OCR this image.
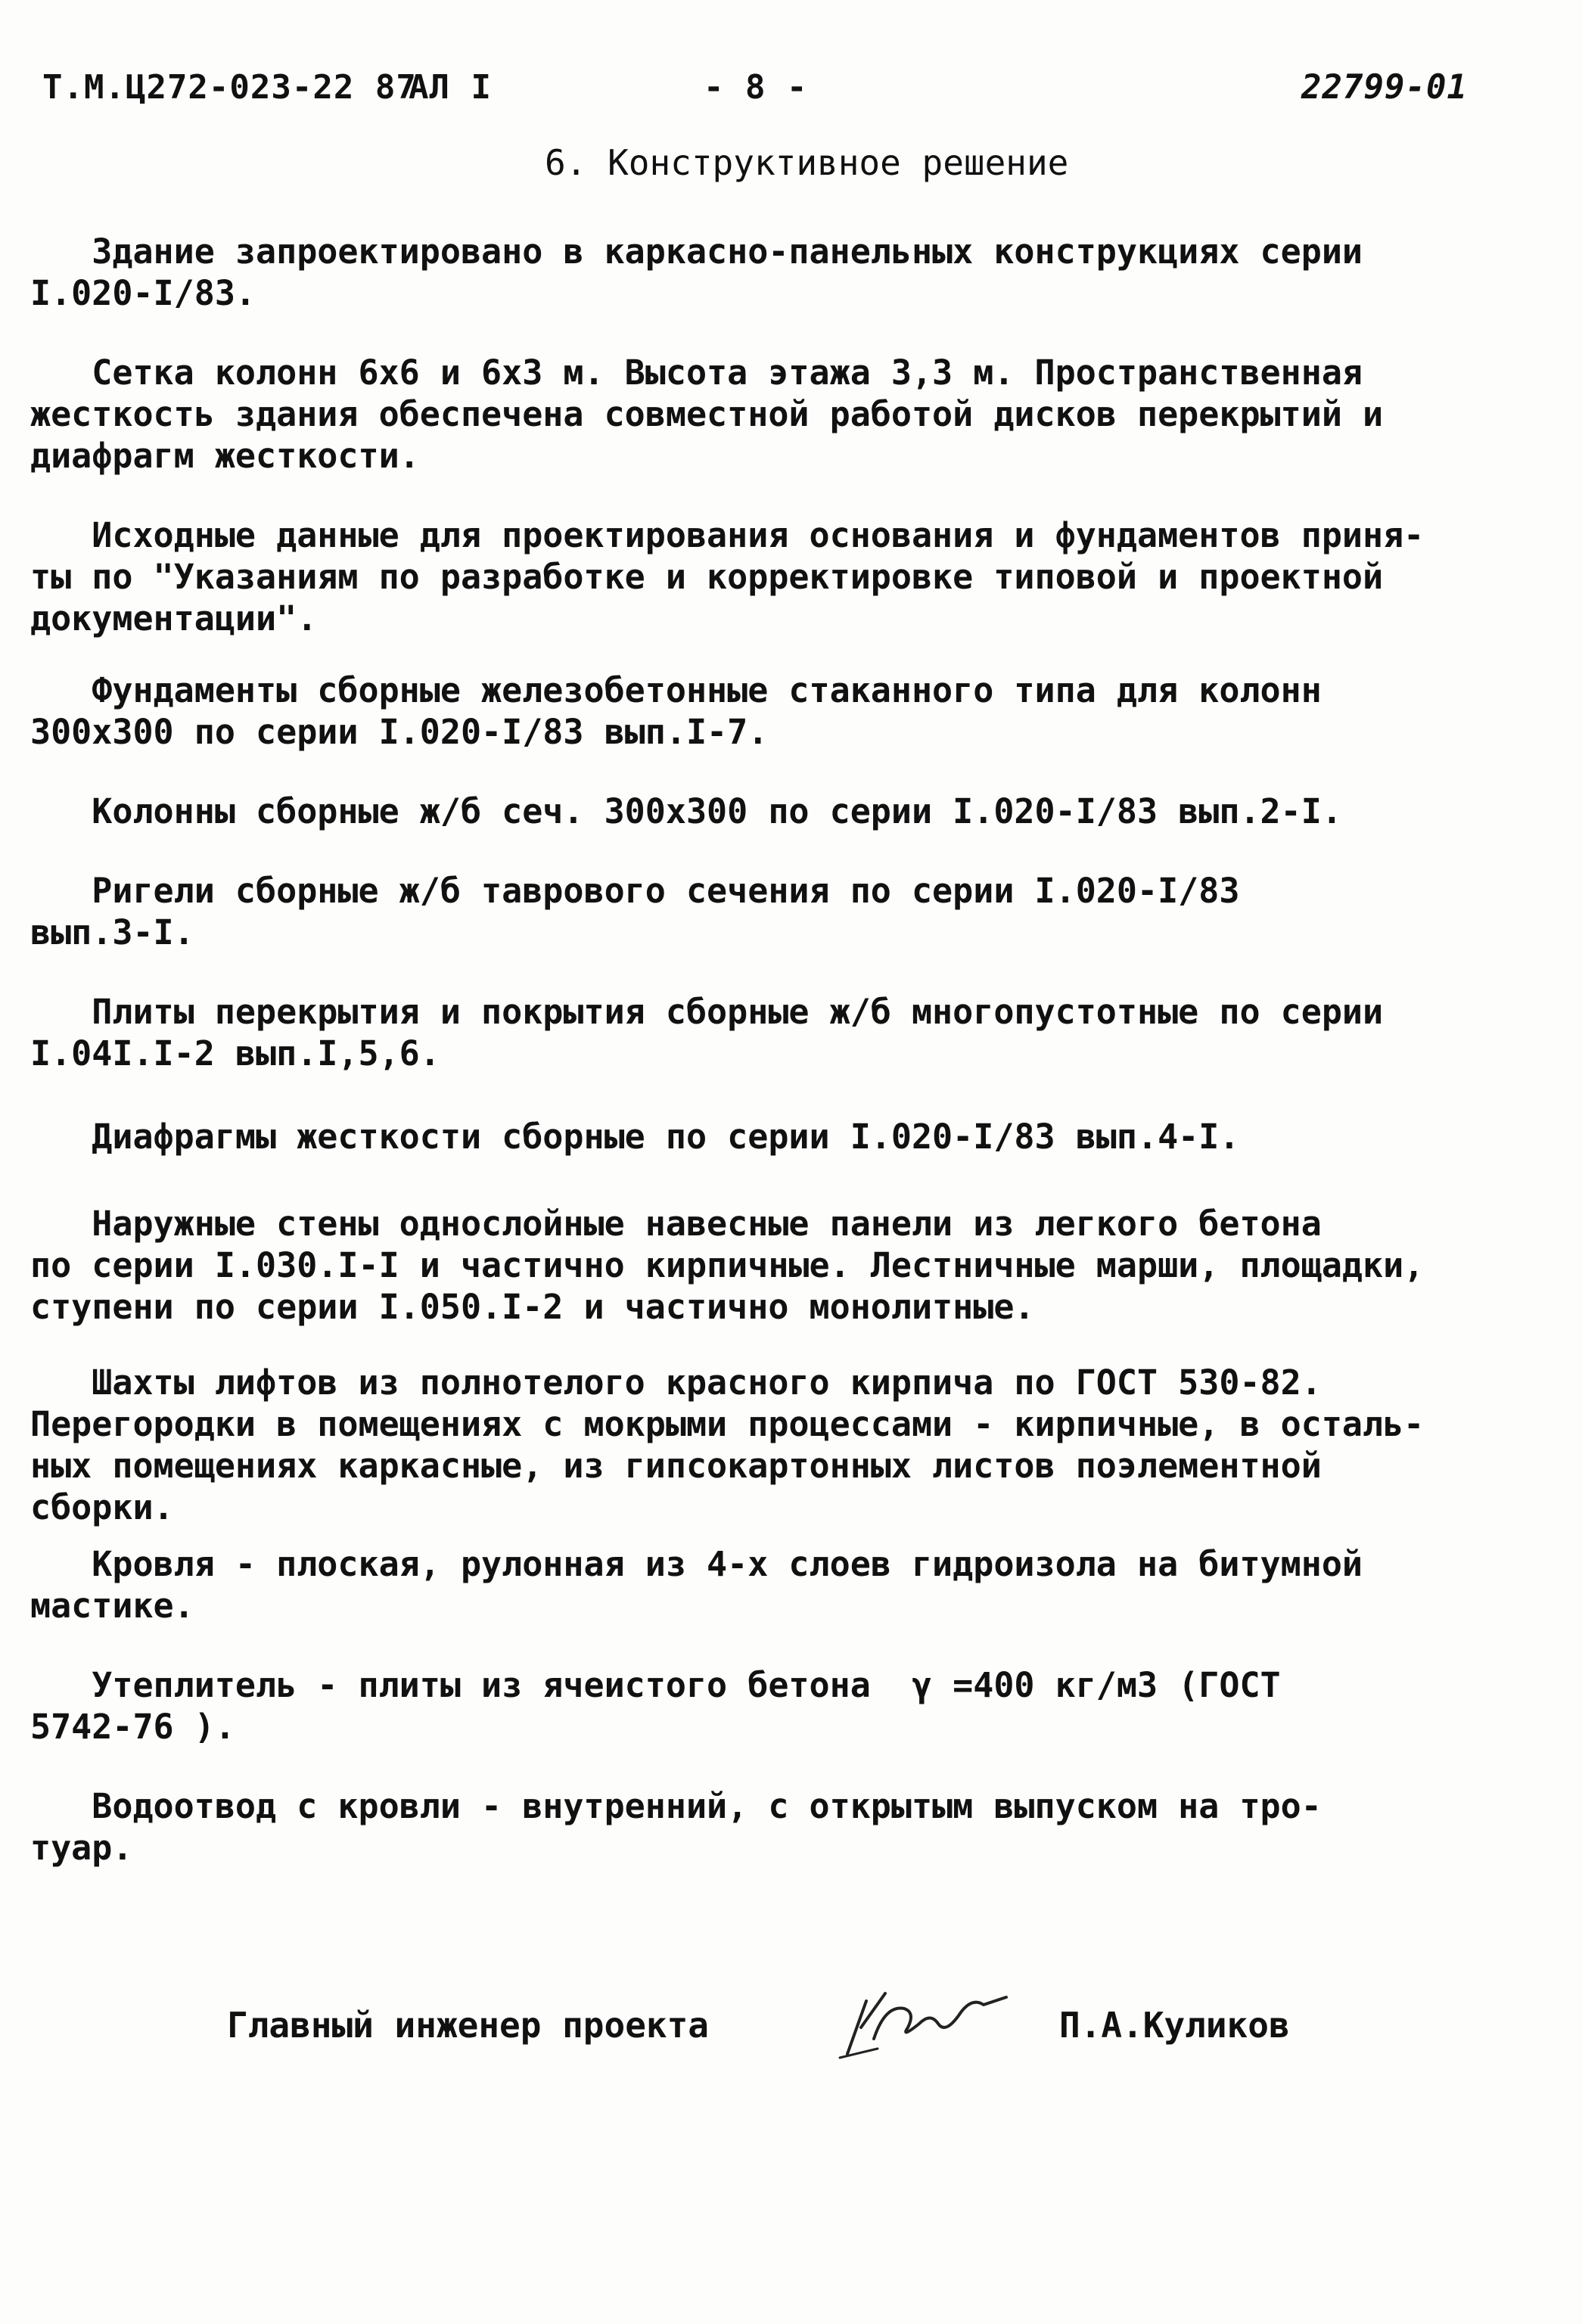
Т.М.Ц272-023-22 87
АЛ I	- 8 -	22799-01
6. Конструктивное решение
Здание запроектировано в каркасно-панельных конструкциях серии
I.020-I/83.
Сетка колонн 6х6 и 6х3 м. Высота этажа 3,3 м. Пространственная
жесткость здания обеспечена совместной работой дисков перекрытий и
диафрагм жесткости.
Исходные данные для проектирования основания и фундаментов приня-
ты по "Указаниям по разработке и корректировке типовой и проектной
документации".
Фундаменты сборные железобетонные стаканного типа для колонн
300х300 по серии I.020-I/83 вып.I-7.
Колонны сборные ж/б сеч. 300х300 по серии I.020-I/83 вып.2-I.
Ригели сборные ж/б таврового сечения по серии I.020-I/83
вып.3-I.
Плиты перекрытия и покрытия сборные ж/б многопустотные по серии
I.04I.I-2 вып.I,5,6.
Диафрагмы жесткости сборные по серии I.020-I/83 вып.4-I.
Наружные стены однослойные навесные панели из легкого бетона
по серии I.030.I-I и частично кирпичные. Лестничные марши, площадки,
ступени по серии I.050.I-2 и частично монолитные.
Шахты лифтов из полнотелого красного кирпича по ГОСТ 530-82.
Перегородки в помещениях с мокрыми процессами - кирпичные, в осталь-
ных помещениях каркасные, из гипсокартонных листов поэлементной
сборки.
Кровля - плоская, рулонная из 4-х слоев гидроизола на битумной
мастике.
Утеплитель - плиты из ячеистого бетона  γ =400 кг/м3 (ГОСТ
5742-76 ).
Водоотвод с кровли - внутренний, с открытым выпуском на тро-
туар.
Главный инженер проекта	П.А.Куликов
